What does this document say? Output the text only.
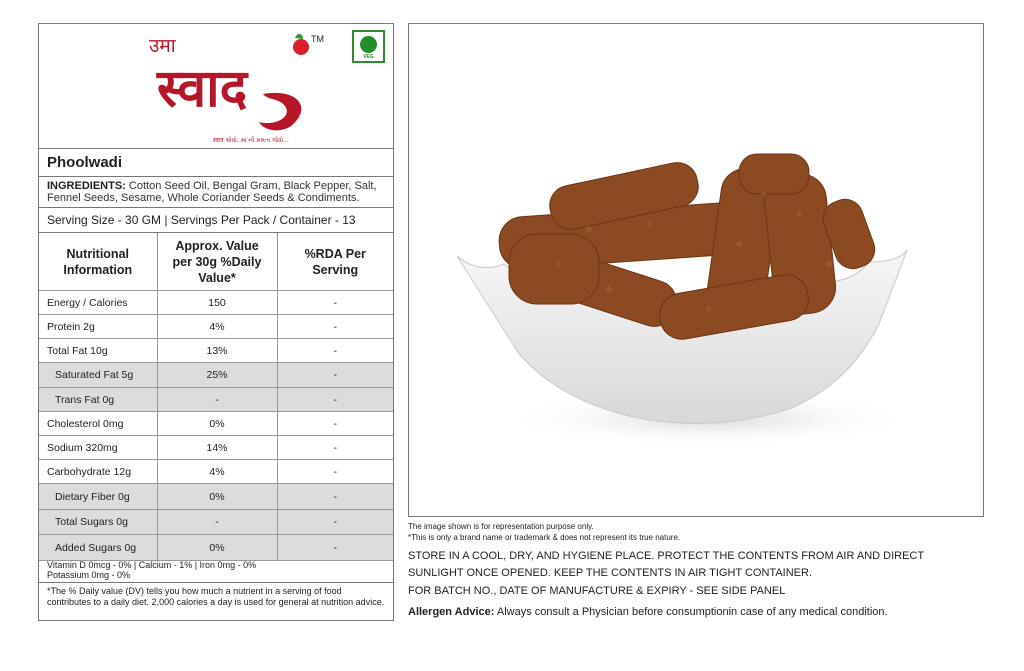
उमा
स्वाद
TM
स्वाद એવો, માં ની મમતા જેવો...
VEG
Phoolwadi
INGREDIENTS: Cotton Seed Oil, Bengal Gram, Black Pepper, Salt, Fennel Seeds, Sesame, Whole Coriander Seeds & Condiments.
Serving Size - 30 GM | Servings Per Pack / Container - 13
Nutritional Information	Approx. Value per 30g %Daily Value*	%RDA Per Serving
Energy / Calories	150	-
Protein 2g	4%	-
Total Fat 10g	13%	-
Saturated Fat 5g	25%	-
Trans Fat 0g	-	-
Cholesterol 0mg	0%	-
Sodium 320mg	14%	-
Carbohydrate 12g	4%	-
Dietary Fiber 0g	0%	-
Total Sugars 0g	-	-
Added Sugars 0g	0%	-
Vitamin D 0mcg - 0% | Calcium - 1% | Iron 0mg - 0%
Potassium 0mg - 0%
*The % Daily value (DV) tells you how much a nutrient in a serving of food contributes to a daily diet. 2,000 calories a day is used for general at nutrition advice.
The image shown is for representation purpose only.
*This is only a brand name or trademark & does not represent its true nature.
STORE IN A COOL, DRY, AND HYGIENE PLACE. PROTECT THE CONTENTS FROM AIR AND DIRECT
SUNLIGHT ONCE OPENED. KEEP THE CONTENTS IN AIR TIGHT CONTAINER.
FOR BATCH NO., DATE OF MANUFACTURE & EXPIRY - SEE SIDE PANEL
Allergen Advice: Always consult a Physician before consumptionin case of any medical condition.
